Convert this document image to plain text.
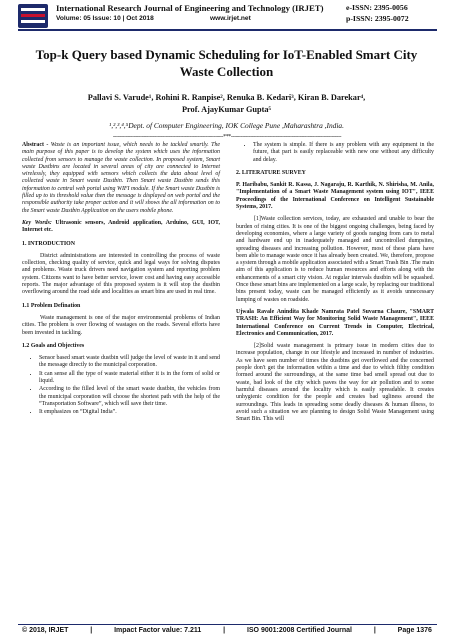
International Research Journal of Engineering and Technology (IRJET)
Volume: 05 Issue: 10 | Oct 2018	www.irjet.net
e-ISSN: 2395-0056
p-ISSN: 2395-0072
Top-k Query based Dynamic Scheduling for IoT-Enabled Smart City Waste Collection
Pallavi S. Varude¹, Rohini R. Ranpise², Renuka B. Kedari³, Kiran B. Darekar⁴,
Prof. AjayKumar Gupta⁵
¹,²,³,⁴,⁵Dept. of Computer Engineering, IOK College Pune ,Maharashtra ,India.
---------------------------------------------------------------------***---------------------------------------------------------------------

Abstract - Waste is an important issue, which needs to be tackled smartly. The main purpose of this paper is to develop the system which uses the information collected from sensors to manage the waste collection. In proposed system, Smart waste Dustbins are located in several areas of city are connected to Internet wirelessly, they equipped with sensors which collects the data about level of collected waste in Smart waste Dustbin. Then Smart waste Dustbin sends this information to central web portal using WIFI module. If the Smart waste Dustbin is filled up to its threshold value then the message is displayed on web portal and the responsible authority take proper action and it will shows the all information on to the Smart waste Dustbin Application on the users mobile phone.

Key Words: Ultrasonic sensors, Android application, Arduino, GUI, IOT, Internet etc.

1. INTRODUCTION

District administrations are interested in controlling the process of waste collection, checking quality of service, quick and legal ways for solving disputes and problems. Waste truck drivers need navigation system and reporting problem system. Citizens want to have better service, lower cost and having easy accessible reports. The major advantage of this proposed system is it will stop the dustbin overflowing around the road side and localities as smart bins are used in real time.

1.1 Problem Defination

Waste management is one of the major environmental problems of Indian cities. The problem is over flowing of wastages on the roads. Several efforts have been invested in tackling.

1.2 Goals and Objectives
• Sensor based smart waste dustbin will judge the level of waste in it and send the message directly to the municipal corporation.
• It can sense all the type of waste material either it is in the form of solid or liquid.
• According to the filled level of the smart waste dustbin, the vehicles from the municipal corporation will choose the shortest path with the help of the “Transportation Software”, which will save their time.
• It emphasizes on “Digital India”.
• The system is simple. If there is any problem with any equipment in the future, that part is easily replaceable with new one without any difficulty and delay.
2. LITERATURE SURVEY

P. Haribabu, Sankit R. Kassa, J. Nagaraju, R. Karthik, N. Shirisha, M. Anila, "Implementation of a Smart Waste Management system using IOT", IEEE Proceedings of the International Conference on Intelligent Sustainable Systems, 2017.

[1]Waste collection services, today, are exhausted and unable to bear the burden of rising cities. It is one of the biggest ongoing challenges, being faced by developing economies, where a large variety of goods ranging from cars to metal and hardware end up in inadequately managed and uncontrolled dumpsites, spreading diseases and increasing pollution. However, most of these plans have been able to manage waste once it has already been created. We, therefore, propose a system through a mobile application associated with a Smart Trash Bin .The main aim of this application is to reduce human resources and efforts along with the enhancements of a smart city vision. At regular intervals dustbin will be squashed. Once these smart bins are implemented on a large scale, by replacing our traditional bins present today, waste can be managed efficiently as it avoids unnecessary lumping of wastes on roadside.

Ujwala Ravale Anindita Khade Namrata Patel Suvarna Chaure, "SMART TRASH: An Efficient Way for Monitoring Solid Waste Management", IEEE International Conference on Current Trends in Computer, Electrical, Electronics and Communication, 2017.

[2]Solid waste management is primary issue in modern cities due to increase population, change in our lifestyle and increased in number of industries. As we have seen number of times the dustbins get overflowed and the concerned people don't get the information within a time and due to which filthy condition formed around the surroundings, at the same time bad smell spread out due to waste, bad look of the city which paves the way for air pollution and to some harmful diseases around the locality which is easily spreadable. It creates unhygienic condition for the people and creates bad ugliness around the surroundings. This leads in spreading some deadly diseases & human illness, to avoid such a situation we are planning to design Solid Waste Management using Smart Bin. This will

© 2018, IRJET	|	Impact Factor value: 7.211	|	ISO 9001:2008 Certified Journal	|	Page 1376
